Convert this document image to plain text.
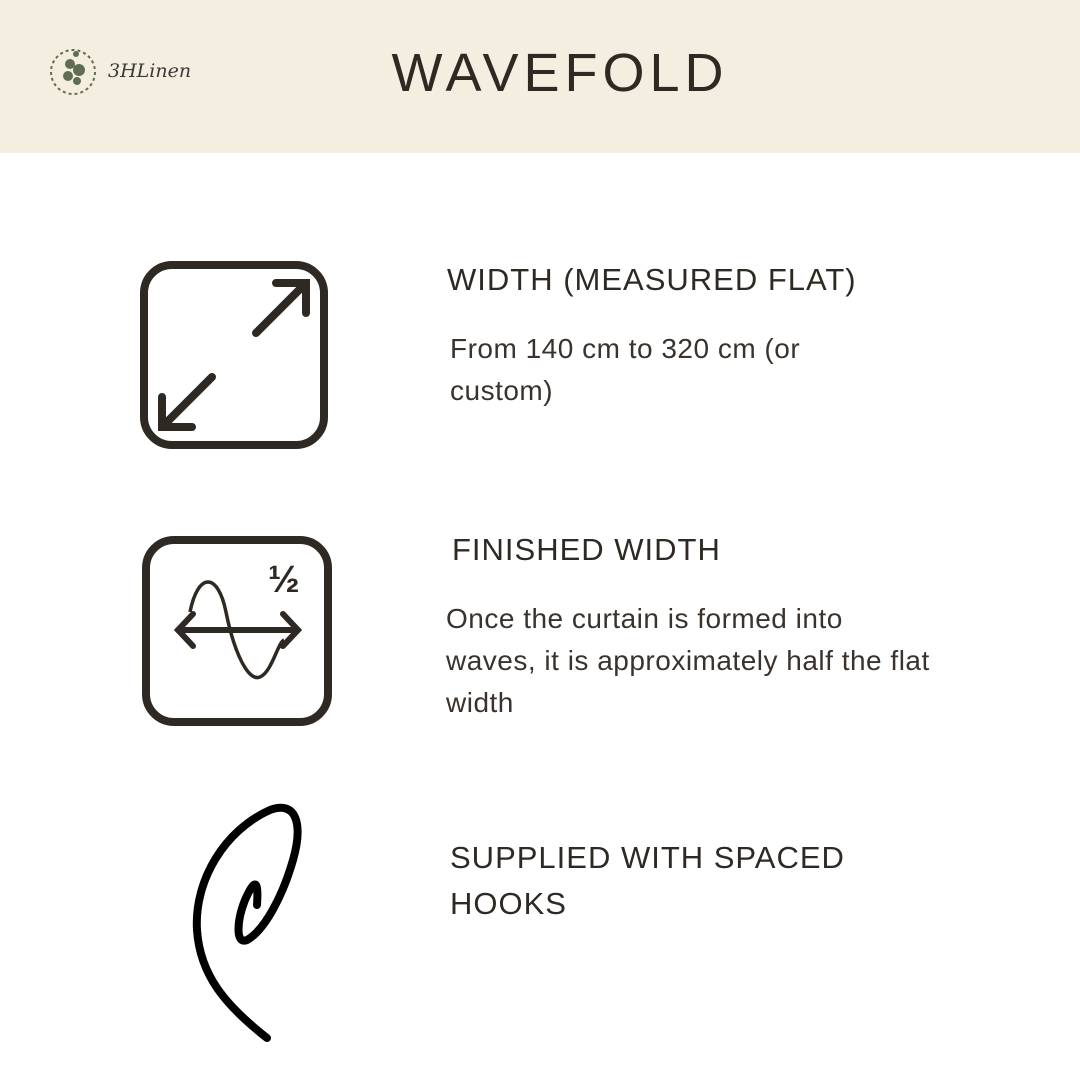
3HLinen	WAVEFOLD
WIDTH (MEASURED FLAT)
From 140 cm to 320 cm (or custom)
½
FINISHED WIDTH
Once the curtain is formed into waves, it is approximately half the flat width
SUPPLIED WITH SPACED HOOKS
